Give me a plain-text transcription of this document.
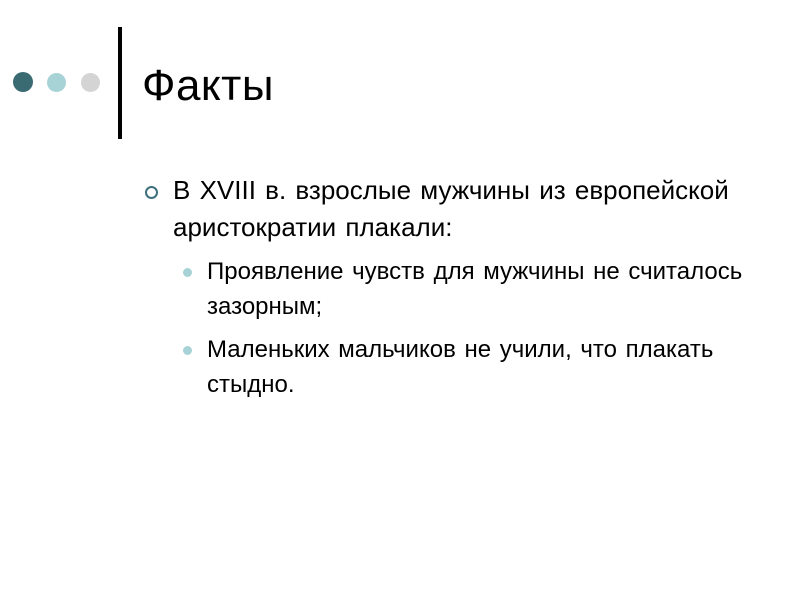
Факты
В XVIII в. взрослые мужчины из европейской аристократии плакали:
Проявление чувств для мужчины не считалось зазорным;
Маленьких мальчиков не учили, что плакать стыдно.
